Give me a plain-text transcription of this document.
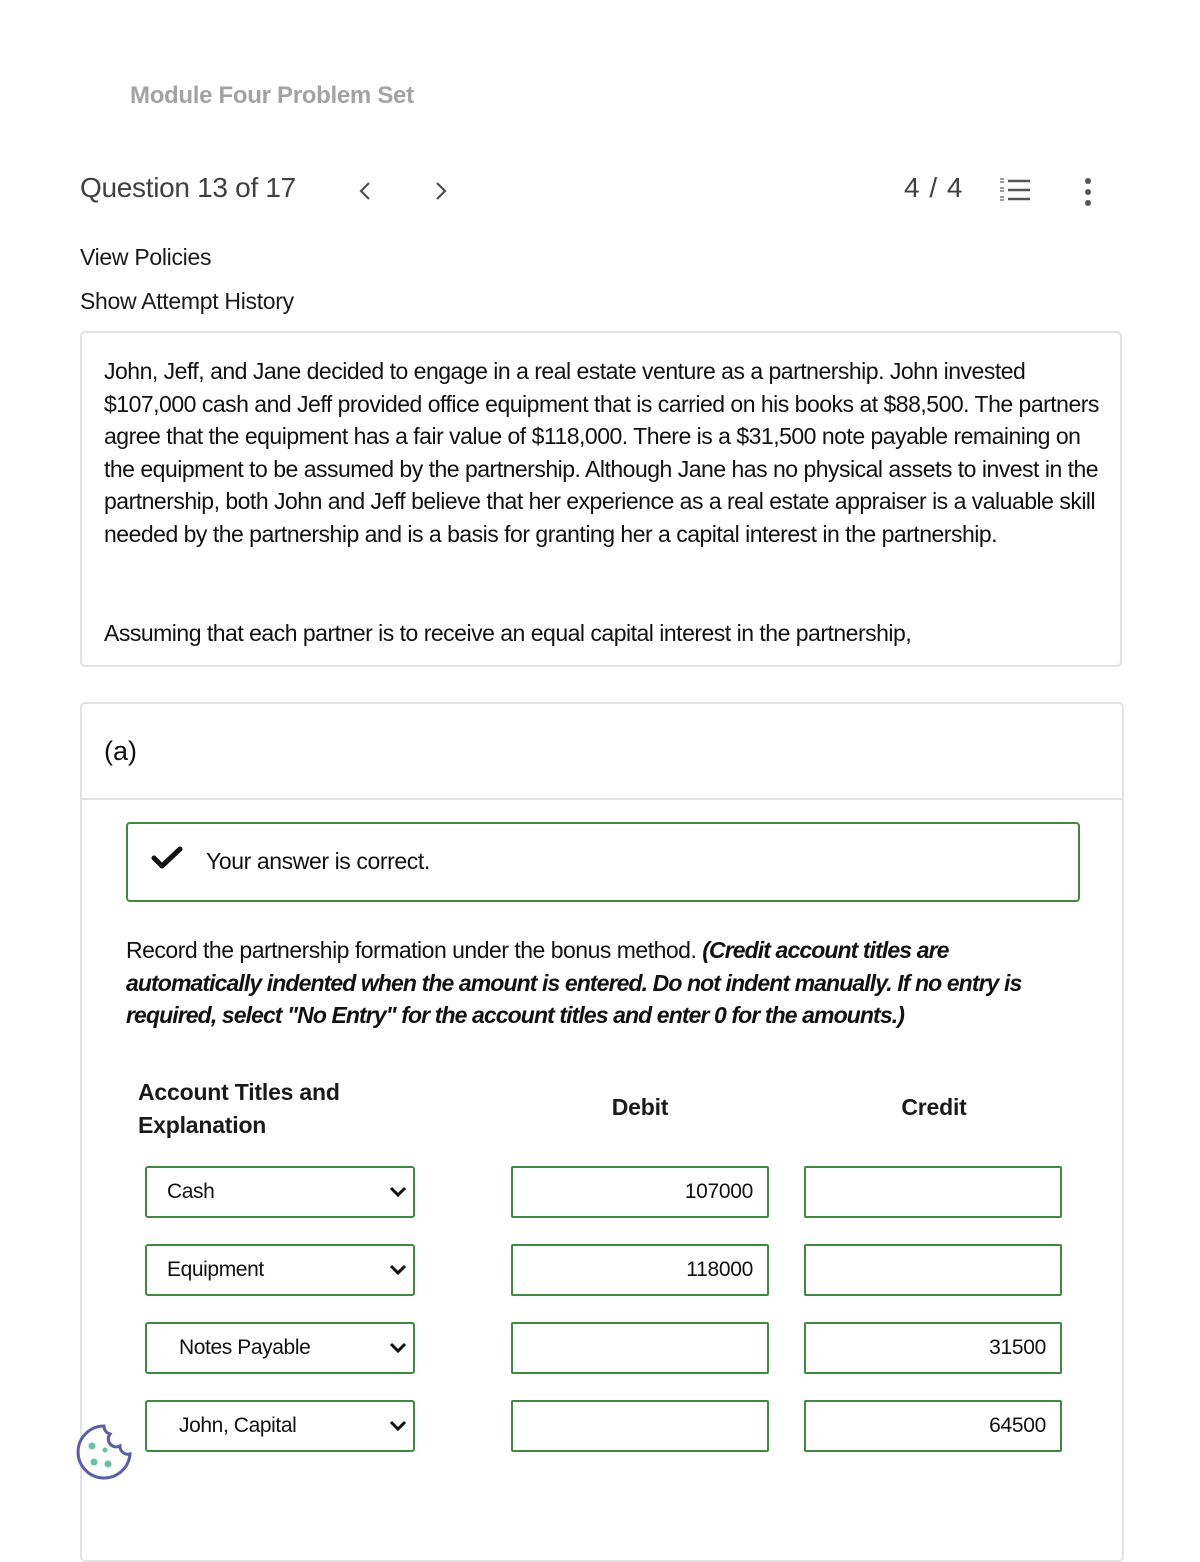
Module Four Problem Set
Question 13 of 17	4 / 4
View Policies
Show Attempt History
John, Jeff, and Jane decided to engage in a real estate venture as a partnership. John invested $107,000 cash and Jeff provided office equipment that is carried on his books at $88,500. The partners agree that the equipment has a fair value of $118,000. There is a $31,500 note payable remaining on the equipment to be assumed by the partnership. Although Jane has no physical assets to invest in the partnership, both John and Jeff believe that her experience as a real estate appraiser is a valuable skill needed by the partnership and is a basis for granting her a capital interest in the partnership.
Assuming that each partner is to receive an equal capital interest in the partnership,
(a)
Your answer is correct.
Record the partnership formation under the bonus method. (Credit account titles are automatically indented when the amount is entered. Do not indent manually. If no entry is required, select "No Entry" for the account titles and enter 0 for the amounts.)
Account Titles and Explanation
Debit	Credit
Cash
107000
Equipment
118000
Notes Payable
31500
John, Capital
64500
